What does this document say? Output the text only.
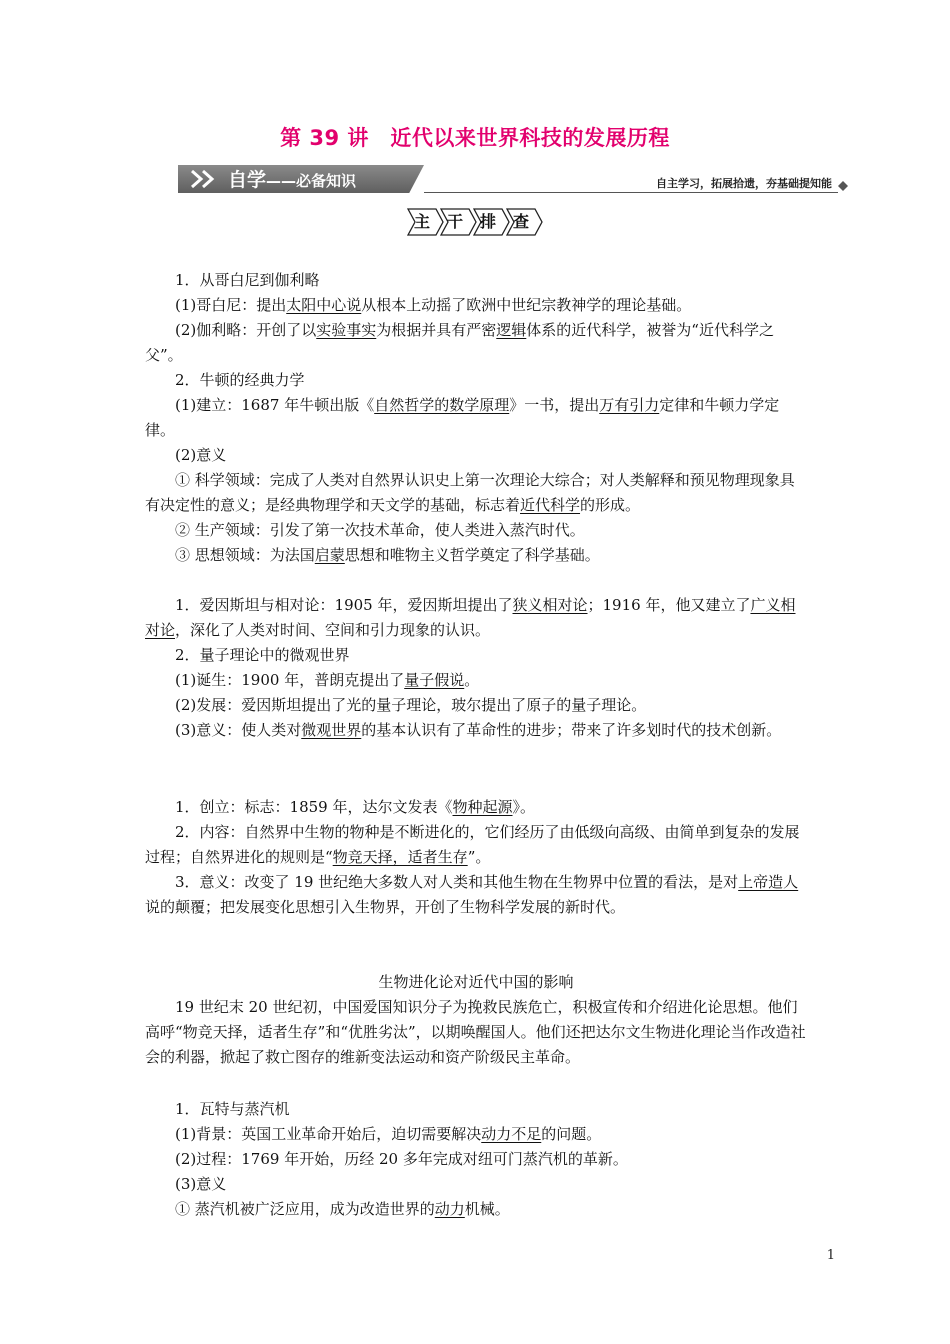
第 39 讲　近代以来世界科技的发展历程
自学——必备知识	自主学习，拓展拾遗，夯基础提知能
主	干	排	查

1．从哥白尼到伽利略

(1)哥白尼：提出太阳中心说从根本上动摇了欧洲中世纪宗教神学的理论基础。

(2)伽利略：开创了以实验事实为根据并具有严密逻辑体系的近代科学，被誉为“近代科学之父”。

2．牛顿的经典力学

(1)建立：1687 年牛顿出版《自然哲学的数学原理》一书，提出万有引力定律和牛顿力学定律。

(2)意义

① 科学领域：完成了人类对自然界认识史上第一次理论大综合；对人类解释和预见物理现象具有决定性的意义；是经典物理学和天文学的基础，标志着近代科学的形成。

② 生产领域：引发了第一次技术革命，使人类进入蒸汽时代。

③ 思想领域：为法国启蒙思想和唯物主义哲学奠定了科学基础。

1．爱因斯坦与相对论：1905 年，爱因斯坦提出了狭义相对论；1916 年，他又建立了广义相对论，深化了人类对时间、空间和引力现象的认识。

2．量子理论中的微观世界

(1)诞生：1900 年，普朗克提出了量子假说。

(2)发展：爱因斯坦提出了光的量子理论，玻尔提出了原子的量子理论。

(3)意义：使人类对微观世界的基本认识有了革命性的进步；带来了许多划时代的技术创新。

1．创立：标志：1859 年，达尔文发表《物种起源》。

2．内容：自然界中生物的物种是不断进化的，它们经历了由低级向高级、由简单到复杂的发展过程；自然界进化的规则是“物竞天择，适者生存”。

3．意义：改变了 19 世纪绝大多数人对人类和其他生物在生物界中位置的看法，是对上帝造人说的颠覆；把发展变化思想引入生物界，开创了生物科学发展的新时代。

生物进化论对近代中国的影响

19 世纪末 20 世纪初，中国爱国知识分子为挽救民族危亡，积极宣传和介绍进化论思想。他们高呼“物竞天择，适者生存”和“优胜劣汰”，以期唤醒国人。他们还把达尔文生物进化理论当作改造社会的利器，掀起了救亡图存的维新变法运动和资产阶级民主革命。

1．瓦特与蒸汽机

(1)背景：英国工业革命开始后，迫切需要解决动力不足的问题。

(2)过程：1769 年开始，历经 20 多年完成对纽可门蒸汽机的革新。

(3)意义

① 蒸汽机被广泛应用，成为改造世界的动力机械。

1
